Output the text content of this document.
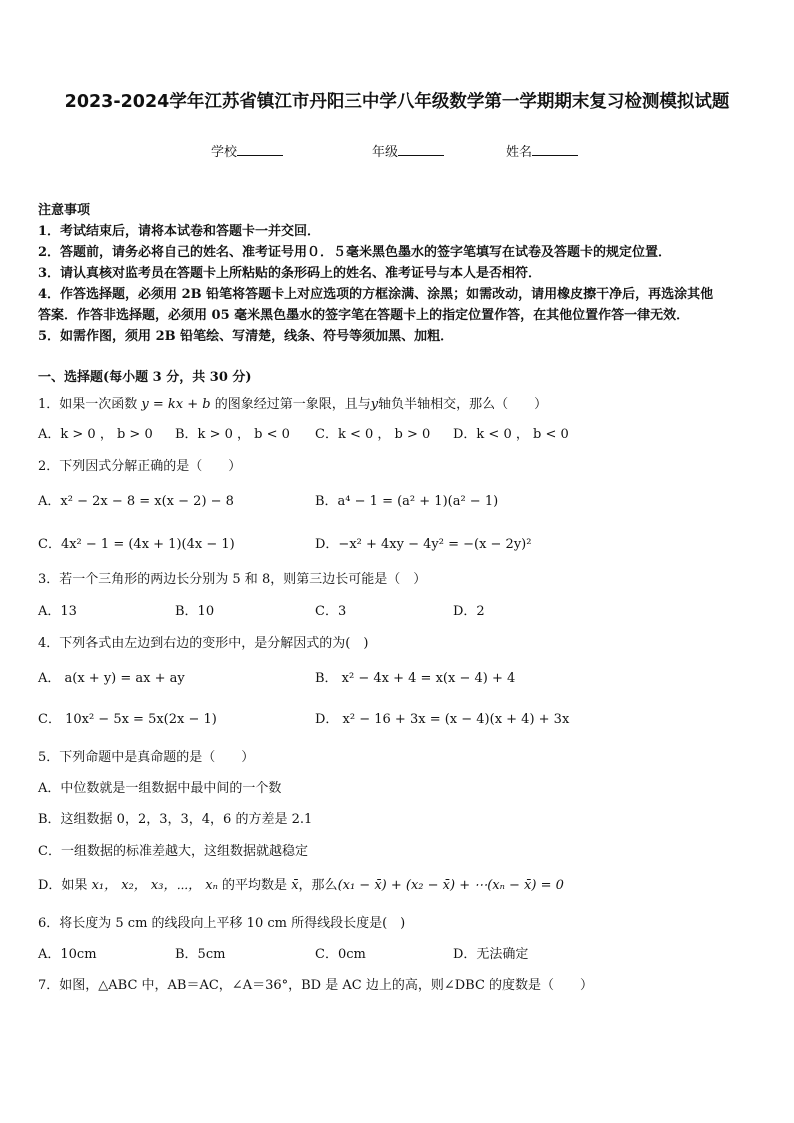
2023-2024学年江苏省镇江市丹阳三中学八年级数学第一学期期末复习检测模拟试题
学校	年级	姓名
注意事项
1．考试结束后，请将本试卷和答题卡一并交回．
2．答题前，请务必将自己的姓名、准考证号用０．５毫米黑色墨水的签字笔填写在试卷及答题卡的规定位置．
3．请认真核对监考员在答题卡上所粘贴的条形码上的姓名、准考证号与本人是否相符．
4．作答选择题，必须用 2B 铅笔将答题卡上对应选项的方框涂满、涂黑；如需改动，请用橡皮擦干净后，再选涂其他
答案．作答非选择题，必须用 05 毫米黑色墨水的签字笔在答题卡上的指定位置作答，在其他位置作答一律无效．
5．如需作图，须用 2B 铅笔绘、写清楚，线条、符号等须加黑、加粗．
一、选择题(每小题 3 分，共 30 分)
1．如果一次函数 y = kx + b 的图象经过第一象限，且与y轴负半轴相交，那么（　　）
A．k > 0 ， b > 0 B．k > 0 ， b < 0 C．k < 0 ， b > 0 D．k < 0 ， b < 0
2．下列因式分解正确的是（　　）
A．x² − 2x − 8 = x(x − 2) − 8	B．a⁴ − 1 = (a² + 1)(a² − 1)
C．4x² − 1 = (4x + 1)(4x − 1)	D．−x² + 4xy − 4y² = −(x − 2y)²
3．若一个三角形的两边长分别为 5 和 8，则第三边长可能是（　）
A．13	B．10	C．3	D．2
4．下列各式由左边到右边的变形中，是分解因式的为(　)
A． a(x + y) = ax + ay	B． x² − 4x + 4 = x(x − 4) + 4
C． 10x² − 5x = 5x(2x − 1)	D． x² − 16 + 3x = (x − 4)(x + 4) + 3x
5．下列命题中是真命题的是（　　）
A．中位数就是一组数据中最中间的一个数
B．这组数据 0，2，3，3，4，6 的方差是 2.1
C．一组数据的标准差越大，这组数据就越稳定
D．如果 x₁， x₂， x₃，⋯， xₙ 的平均数是 x̄，那么(x₁ − x̄) + (x₂ − x̄) + ⋯(xₙ − x̄) = 0
6．将长度为 5 cm 的线段向上平移 10 cm 所得线段长度是(　)
A．10cm	B．5cm	C．0cm	D．无法确定
7．如图，△ABC 中，AB＝AC，∠A＝36°，BD 是 AC 边上的高，则∠DBC 的度数是（　　）
